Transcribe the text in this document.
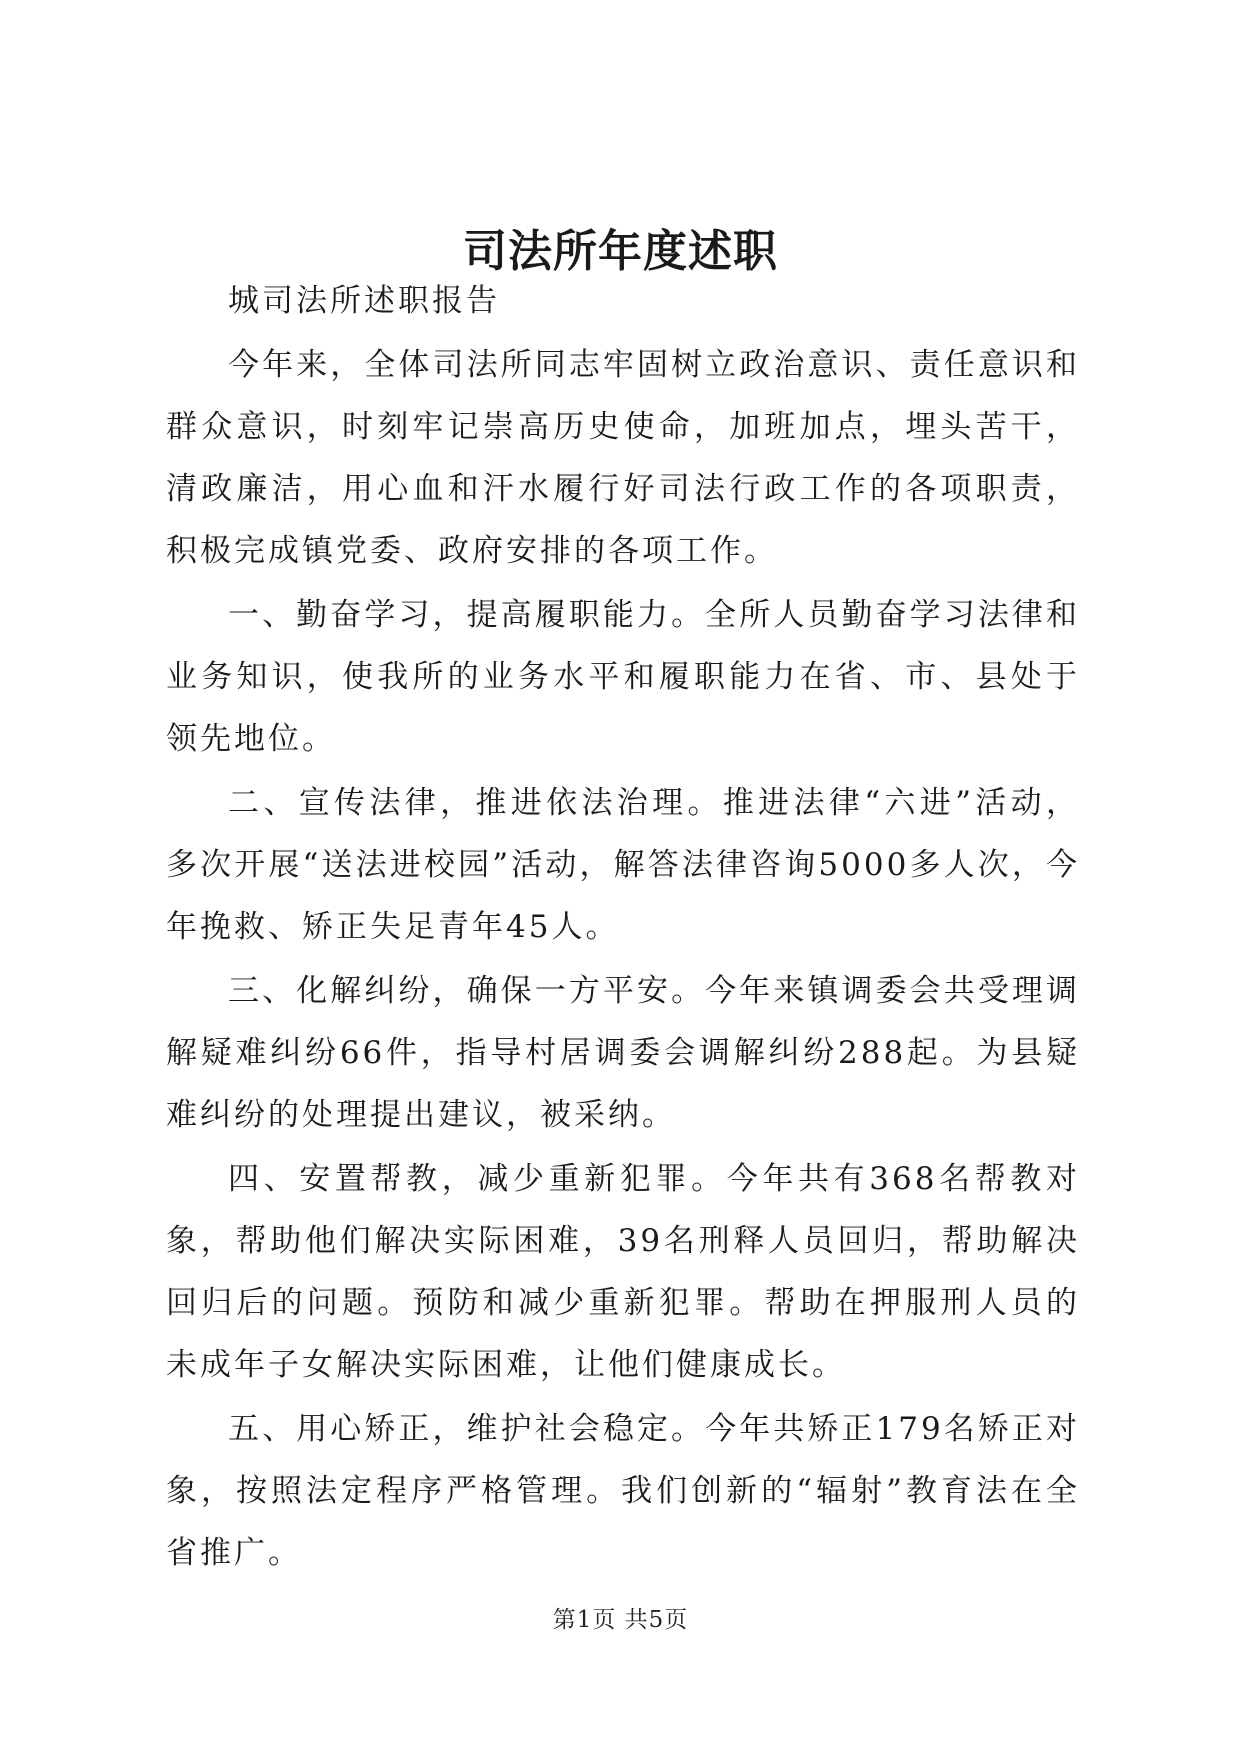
司法所年度述职

城司法所述职报告

今年来，全体司法所同志牢固树立政治意识、责任意识和群众意识，时刻牢记崇高历史使命，加班加点，埋头苦干，清政廉洁，用心血和汗水履行好司法行政工作的各项职责，积极完成镇党委、政府安排的各项工作。

一、勤奋学习，提高履职能力。全所人员勤奋学习法律和业务知识，使我所的业务水平和履职能力在省、市、县处于领先地位。

二、宣传法律，推进依法治理。推进法律“六进”活动，多次开展“送法进校园”活动，解答法律咨询5000多人次，今年挽救、矫正失足青年45人。

三、化解纠纷，确保一方平安。今年来镇调委会共受理调解疑难纠纷66件，指导村居调委会调解纠纷288起。为县疑难纠纷的处理提出建议，被采纳。

四、安置帮教，减少重新犯罪。今年共有368名帮教对象，帮助他们解决实际困难，39名刑释人员回归，帮助解决回归后的问题。预防和减少重新犯罪。帮助在押服刑人员的未成年子女解决实际困难，让他们健康成长。

五、用心矫正，维护社会稳定。今年共矫正179名矫正对象，按照法定程序严格管理。我们创新的“辐射”教育法在全省推广。

第1页 共5页
